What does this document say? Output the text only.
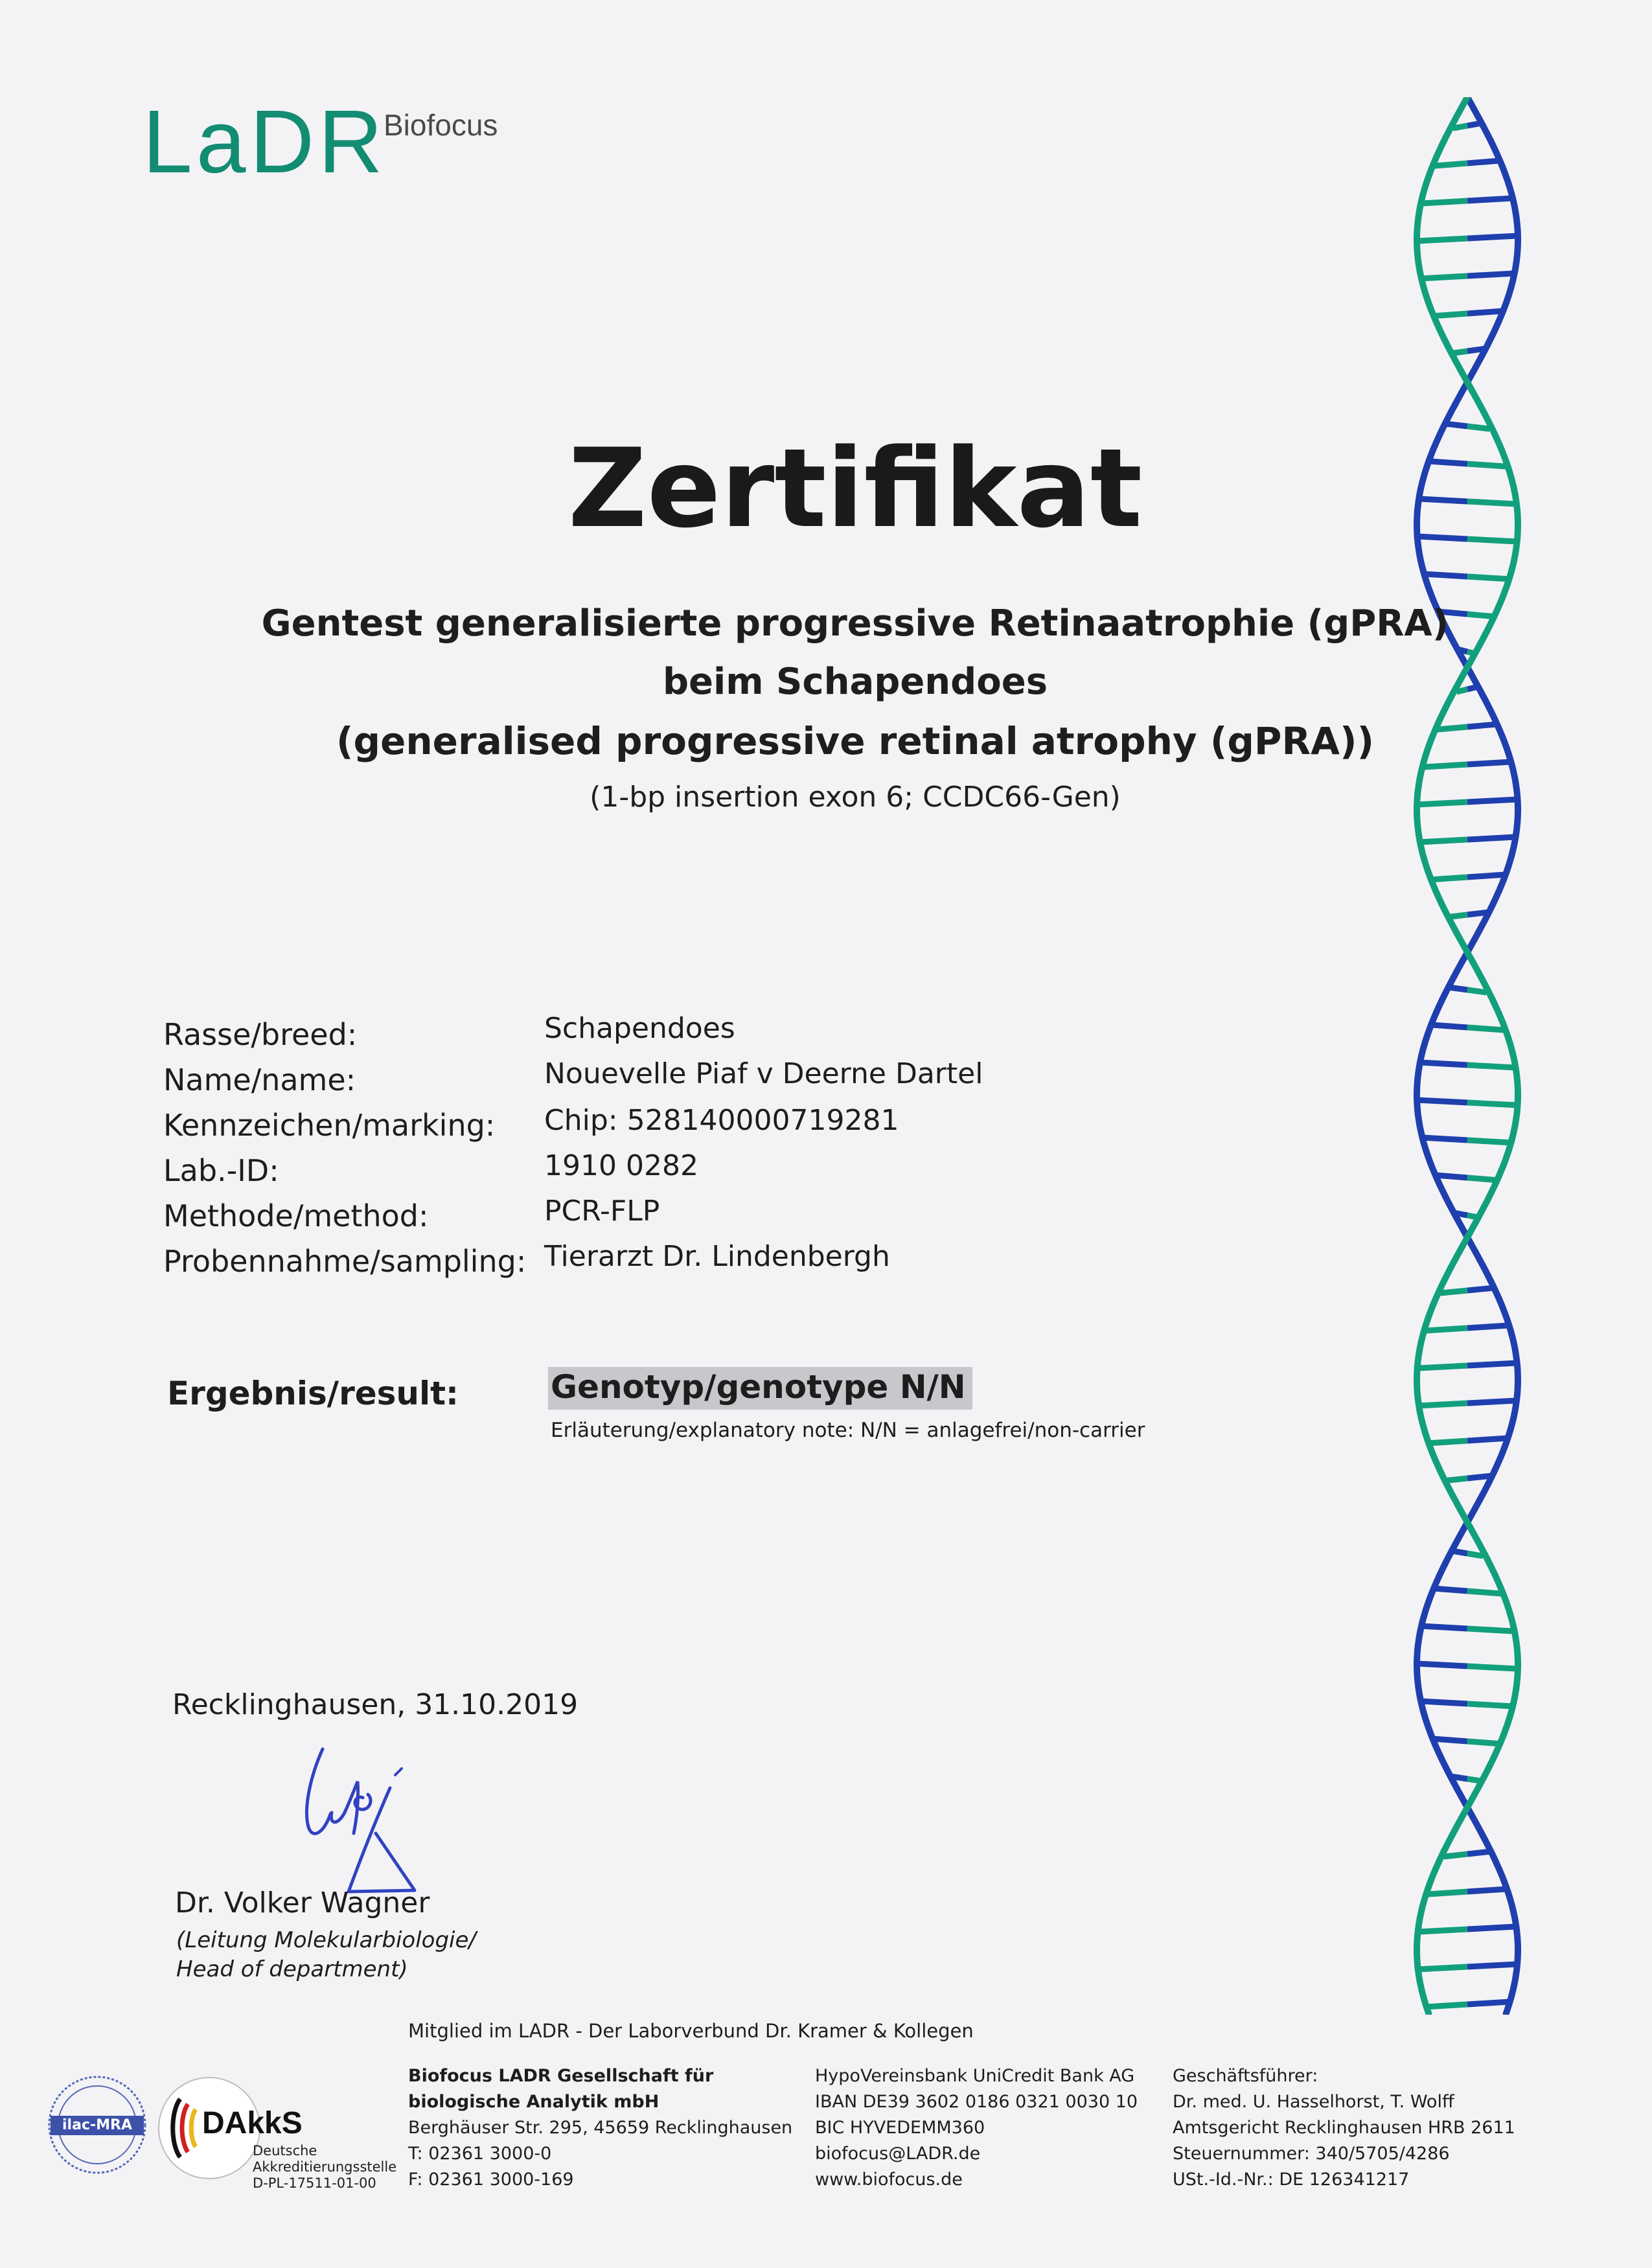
LaDR
Biofocus
Zertifikat
Gentest generalisierte progressive Retinaatrophie (gPRA)
beim Schapendoes
(generalised progressive retinal atrophy (gPRA))
(1-bp insertion exon 6; CCDC66-Gen)
Rasse/breed:	Schapendoes
Name/name:	Nouevelle Piaf v Deerne Dartel
Kennzeichen/marking: Chip: 528140000719281
Lab.-ID:	1910 0282
Methode/method:	PCR-FLP
Probennahme/sampling: Tierarzt Dr. Lindenbergh
Ergebnis/result:	Genotyp/genotype N/N
Erläuterung/explanatory note: N/N = anlagefrei/non-carrier
Recklinghausen, 31.10.2019
Dr. Volker Wagner
(Leitung Molekularbiologie/
Head of department)
ilac-MRA	DAkkS
Deutsche
Akkreditierungsstelle
D-PL-17511-01-00
Mitglied im LADR - Der Laborverbund Dr. Kramer & Kollegen
Biofocus LADR Gesellschaft für
biologische Analytik mbH
Berghäuser Str. 295, 45659 Recklinghausen
T: 02361 3000-0
F: 02361 3000-169
HypoVereinsbank UniCredit Bank AG
IBAN DE39 3602 0186 0321 0030 10
BIC HYVEDEMM360
biofocus@LADR.de
www.biofocus.de
Geschäftsführer:
Dr. med. U. Hasselhorst, T. Wolff
Amtsgericht Recklinghausen HRB 2611
Steuernummer: 340/5705/4286
USt.-Id.-Nr.: DE 126341217
